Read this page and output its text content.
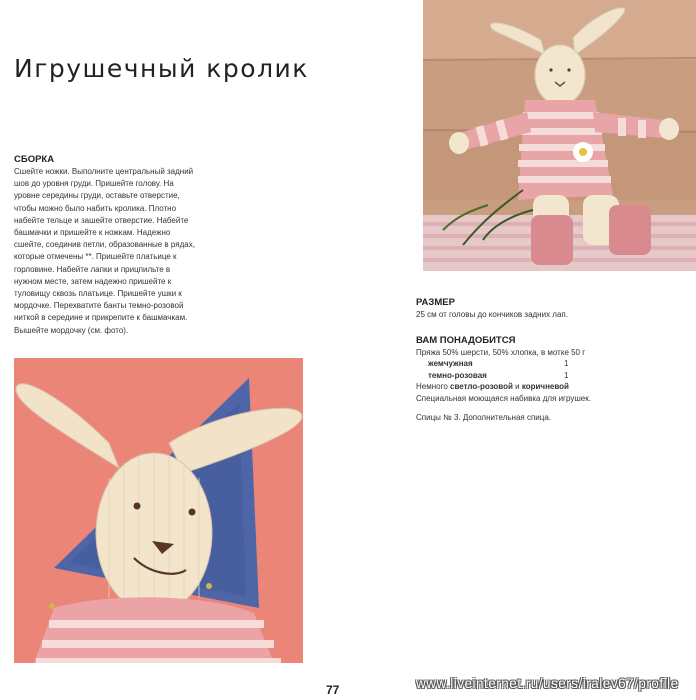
Игрушечный кролик
СБОРКА
Сшейте ножки. Выполните центральный задний
шов до уровня груди. Пришейте голову. На
уровне середины груди, оставьте отверстие,
чтобы можно было набить кролика. Плотно
набейте тельце и зашейте отверстие. Набейте
башмачки и пришейте к ножкам. Надежно
сшейте, соединив петли, образованные в рядах,
которые отмечены **. Пришейте платьице к
горловине. Набейте лапки и прицпильте в
нужном месте, затем надежно пришейте к
туловищу сквозь платьице. Пришейте ушки к
мордочке. Перехватите банты темно-розовой
ниткой в середине и прикрепите к башмачкам.
Вышейте мордочку (см. фото).
РАЗМЕР
25 см от головы до кончиков задних лап.
ВАМ ПОНАДОБИТСЯ
Пряжа 50% шерсти, 50% хлопка, в мотке 50 г
жемчужная	1
темно-розовая	1
Немного светло-розовой и коричневой
Специальная моющаяся набивка для игрушек.
Спицы № 3. Дополнительная спица.
77	www.liveinternet.ru/users/iralev67/profile
